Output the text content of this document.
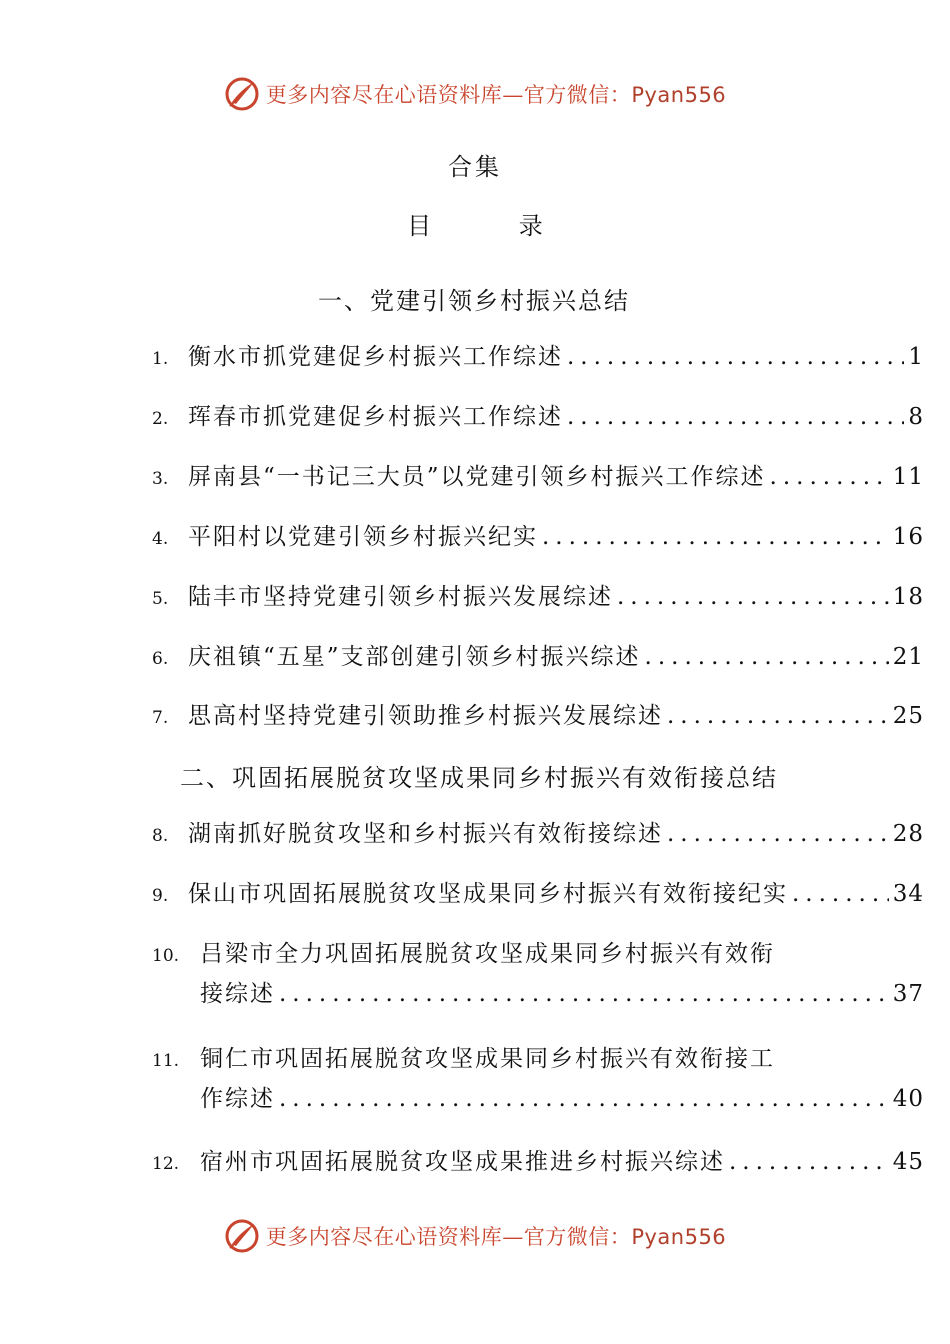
更多内容尽在心语资料库—官方微信：Pyan556
合集
目 录
一、党建引领乡村振兴总结
1. 衡水市抓党建促乡村振兴工作综述 .....	1
2. 珲春市抓党建促乡村振兴工作综述 .....	8
3. 屏南县“一书记三大员”以党建引领乡村振兴工作综述 .....	11
4. 平阳村以党建引领乡村振兴纪实 .....	16
5. 陆丰市坚持党建引领乡村振兴发展综述 .....	18
6. 庆祖镇“五星”支部创建引领乡村振兴综述 .....	21
7. 思高村坚持党建引领助推乡村振兴发展综述 .....	25
二、巩固拓展脱贫攻坚成果同乡村振兴有效衔接总结
8. 湖南抓好脱贫攻坚和乡村振兴有效衔接综述 .....	28
9. 保山市巩固拓展脱贫攻坚成果同乡村振兴有效衔接纪实 .....	34
10. 吕梁市全力巩固拓展脱贫攻坚成果同乡村振兴有效衔
接综述 .....	37
11. 铜仁市巩固拓展脱贫攻坚成果同乡村振兴有效衔接工
作综述 .....	40
12. 宿州市巩固拓展脱贫攻坚成果推进乡村振兴综述 .....	45
更多内容尽在心语资料库—官方微信：Pyan556
